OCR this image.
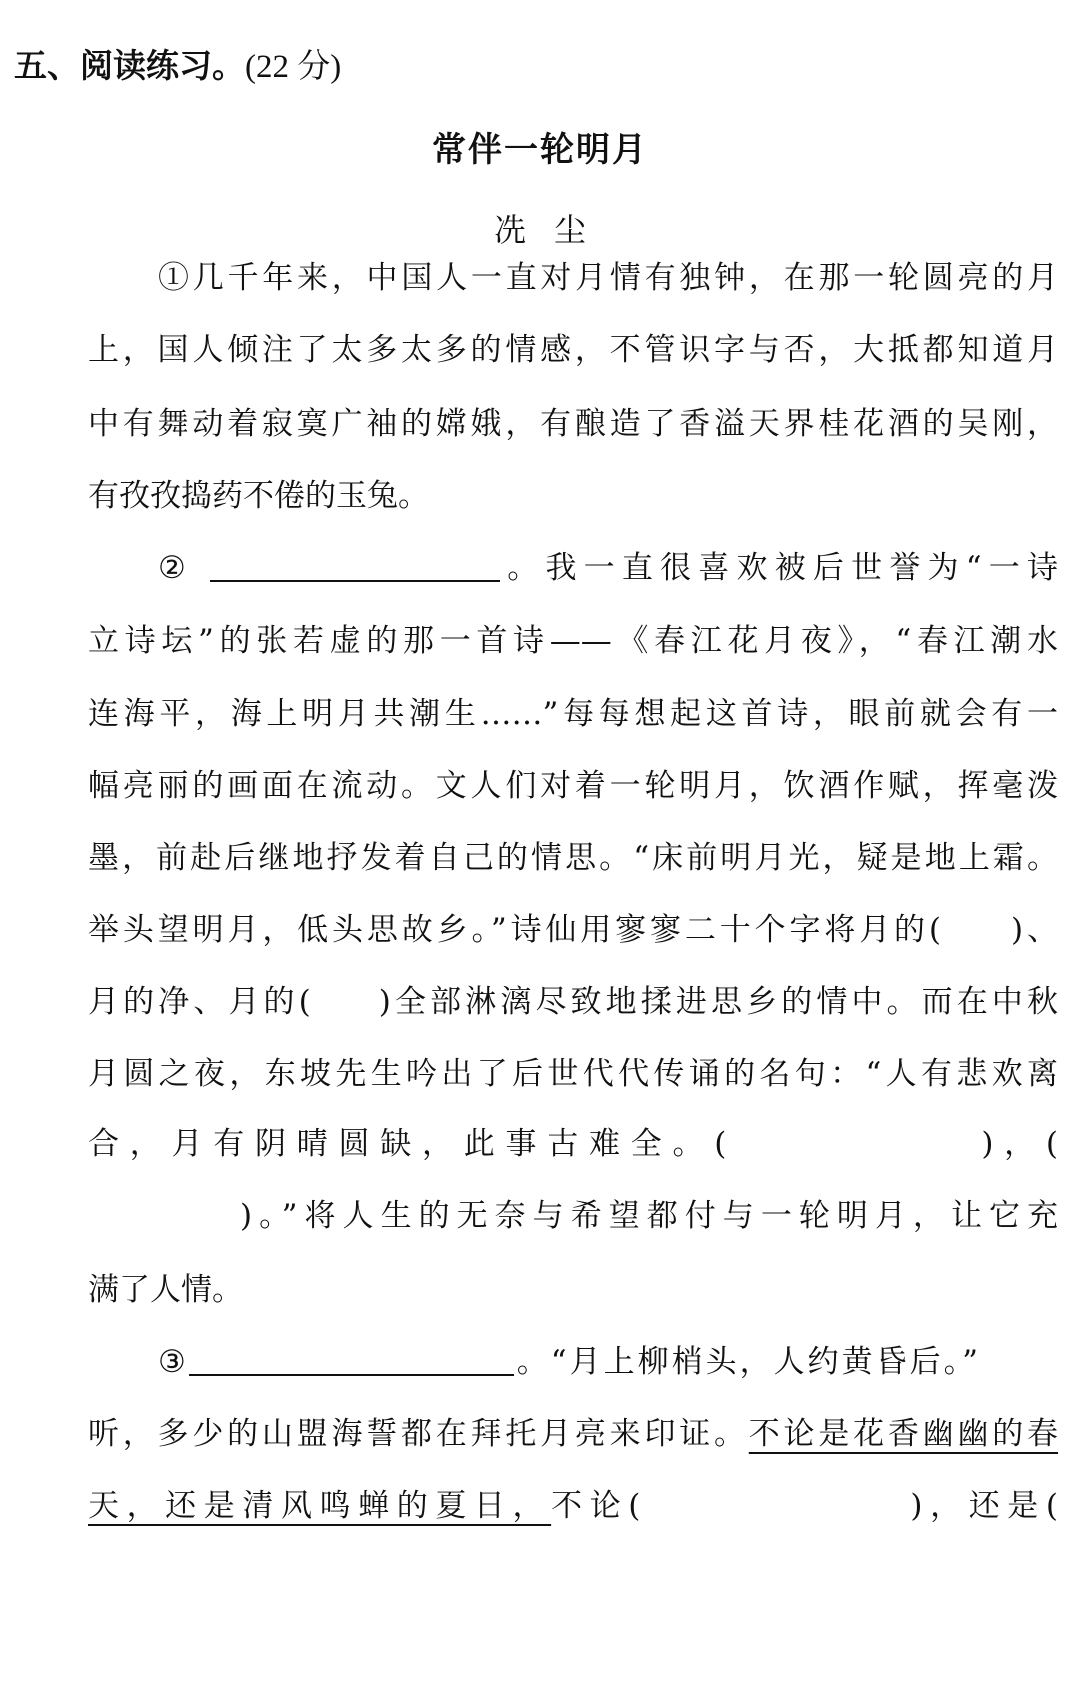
五、阅读练习。(22 分)
常伴一轮明月
冼尘
①几千年来，中国人一直对月情有独钟，在那一轮圆亮的月
上，国人倾注了太多太多的情感，不管识字与否，大抵都知道月
中有舞动着寂寞广袖的嫦娥，有酿造了香溢天界桂花酒的吴刚，
有孜孜捣药不倦的玉兔。
②	。我一直很喜欢被后世誉为“一诗
立诗坛”的张若虚的那一首诗——《春江花月夜》，“春江潮水
连海平，海上明月共潮生……”每每想起这首诗，眼前就会有一
幅亮丽的画面在流动。文人们对着一轮明月，饮酒作赋，挥毫泼
墨，前赴后继地抒发着自己的情思。“床前明月光，疑是地上霜。
举头望明月，低头思故乡。”诗仙用寥寥二十个字将月的( )、
月的净、月的( )全部淋漓尽致地揉进思乡的情中。而在中秋
月圆之夜，东坡先生吟出了后世代代传诵的名句：“人有悲欢离
合，月有阴晴圆缺，此事古难全。(	)，(
)。”将人生的无奈与希望都付与一轮明月，让它充
满了人情。
③	。“月上柳梢头，人约黄昏后。”
听，多少的山盟海誓都在拜托月亮来印证。不论是花香幽幽的春
天，还是清风鸣蝉的夏日，不论(	)，还是(
